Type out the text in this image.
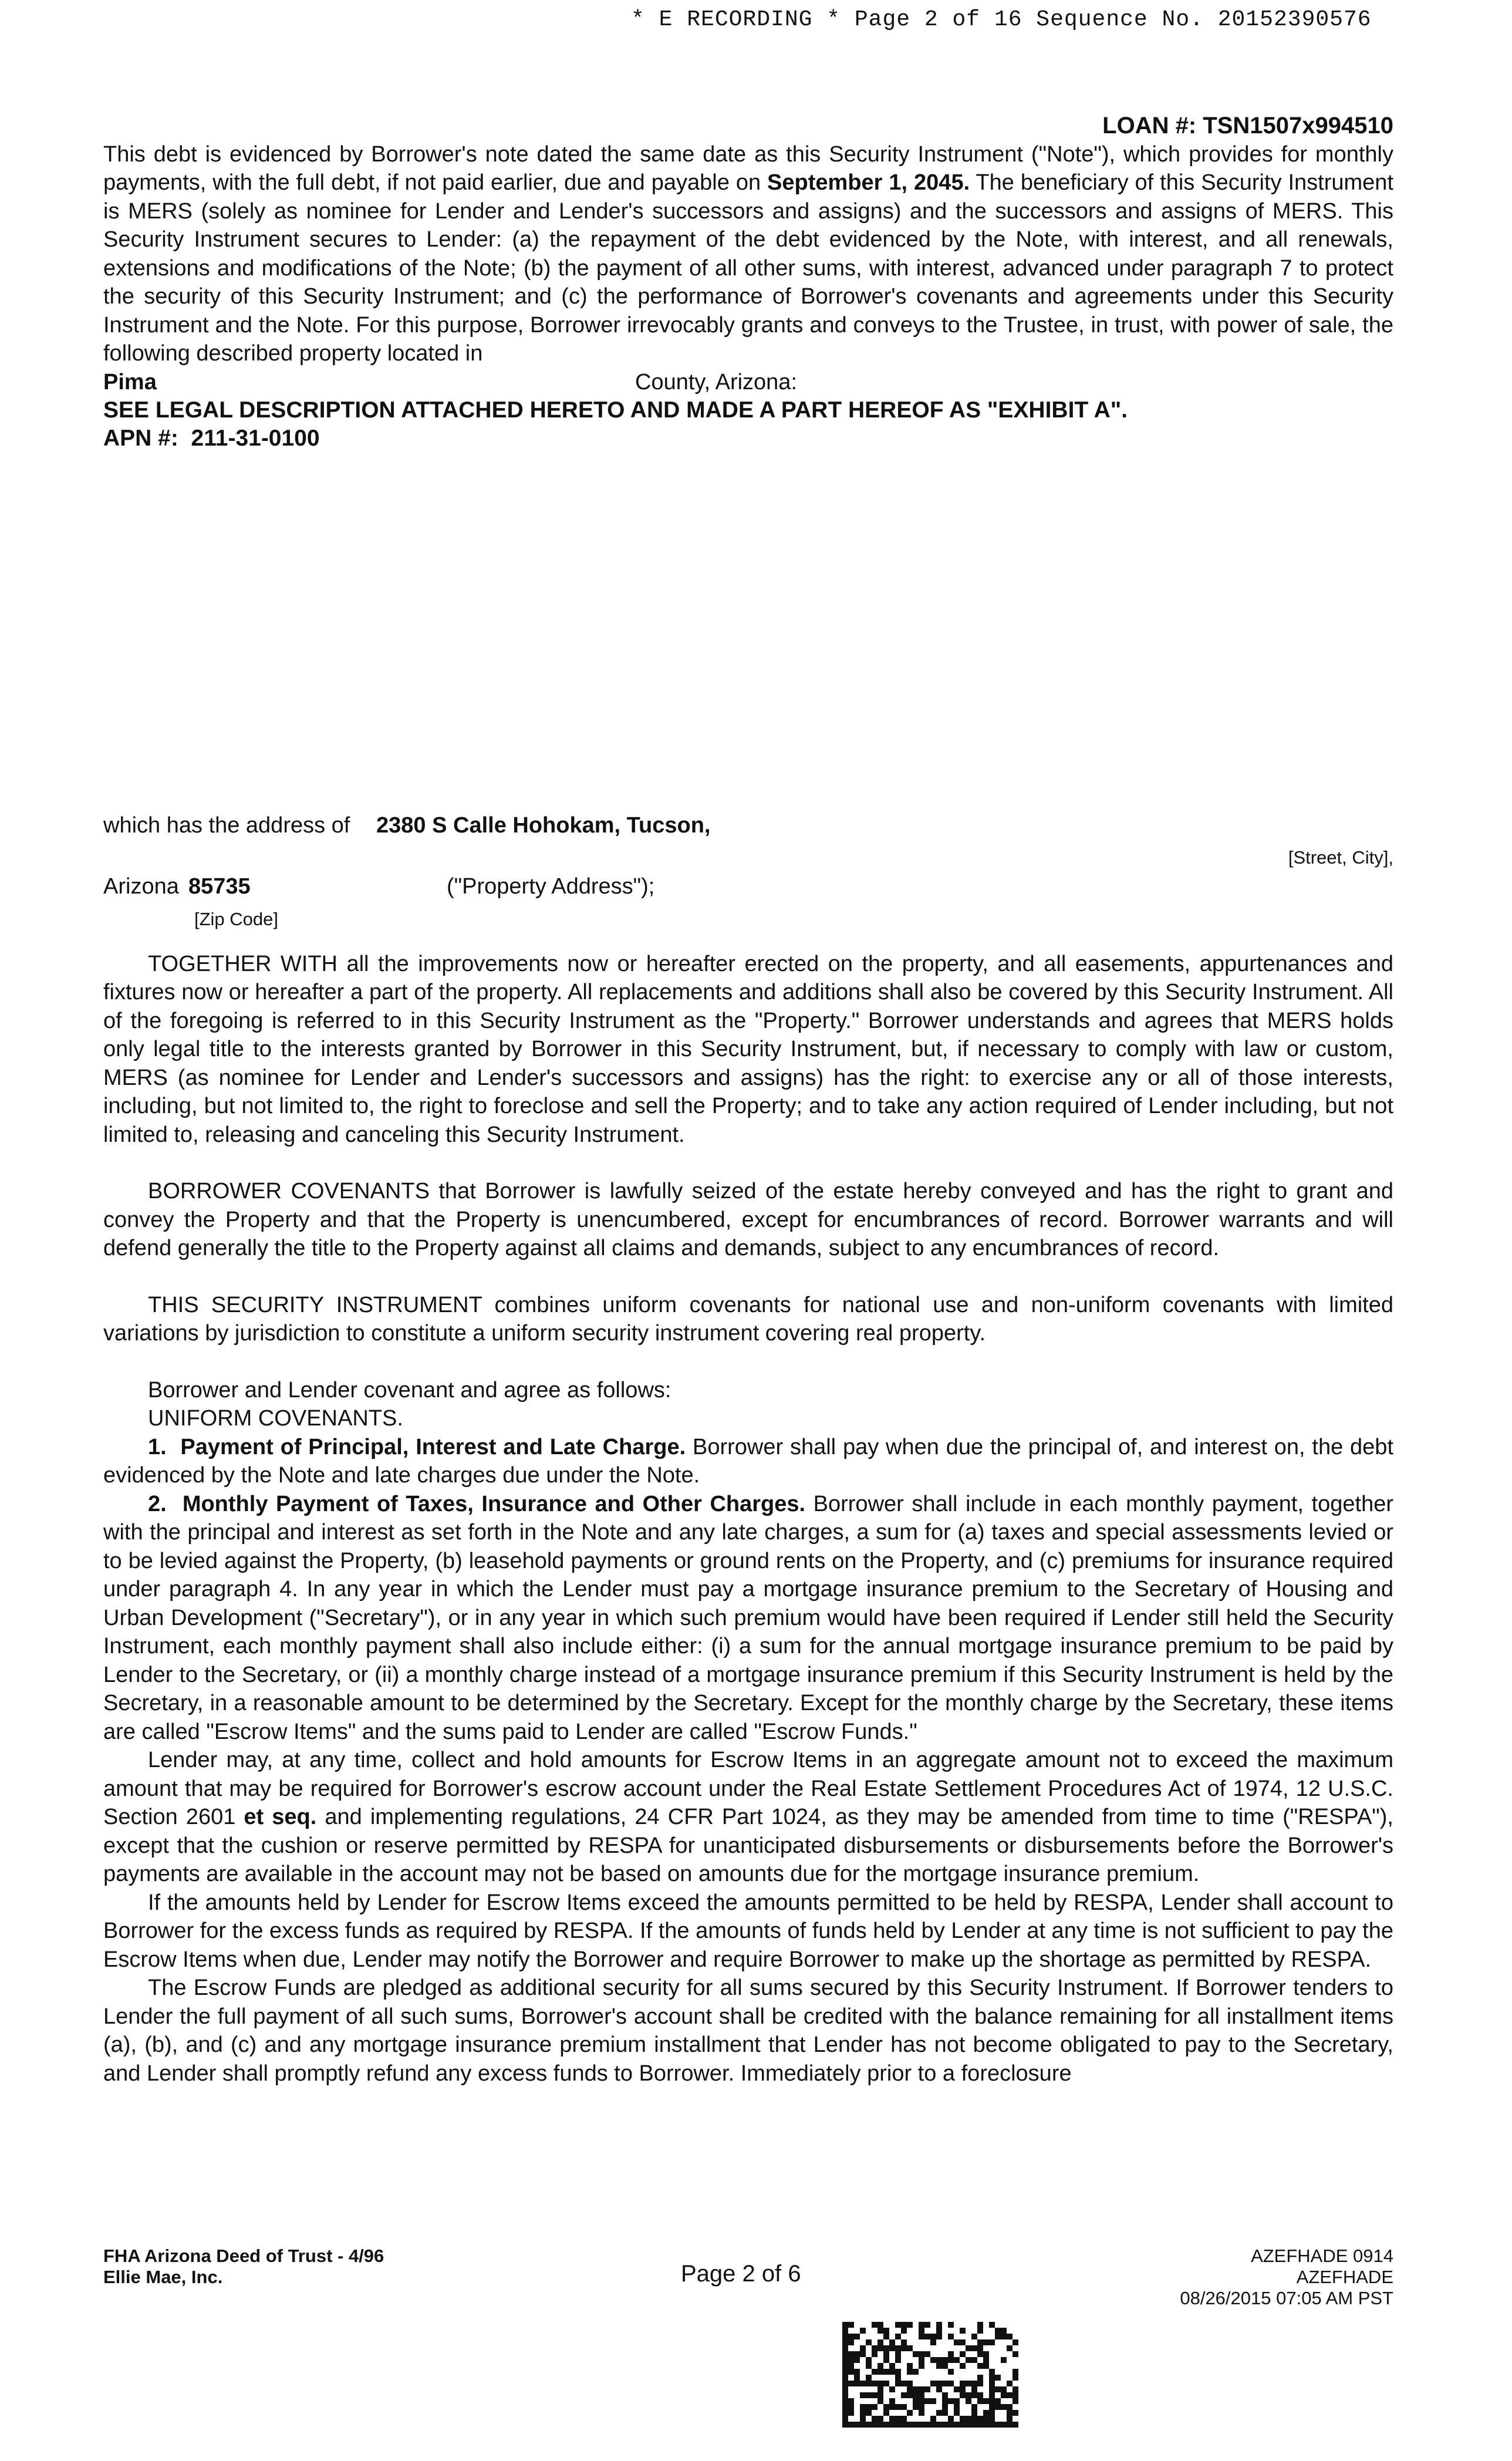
* E RECORDING * Page 2 of 16 Sequence No. 20152390576

LOAN #: TSN1507x994510

This debt is evidenced by Borrower's note dated the same date as this Security Instrument ("Note"), which provides for monthly payments, with the full debt, if not paid earlier, due and payable on September 1, 2045. The beneficiary of this Security Instrument is MERS (solely as nominee for Lender and Lender's successors and assigns) and the successors and assigns of MERS. This Security Instrument secures to Lender: (a) the repayment of the debt evidenced by the Note, with interest, and all renewals, extensions and modifications of the Note; (b) the payment of all other sums, with interest, advanced under paragraph 7 to protect the security of this Security Instrument; and (c) the performance of Borrower's covenants and agreements under this Security Instrument and the Note. For this purpose, Borrower irrevocably grants and conveys to the Trustee, in trust, with power of sale, the following described property located in

Pima	County, Arizona:

SEE LEGAL DESCRIPTION ATTACHED HERETO AND MADE A PART HEREOF AS "EXHIBIT A".

APN #: 211-31-0100

which has the address of 2380 S Calle Hohokam, Tucson,
[Street, City],
Arizona 85735
[Zip Code]
("Property Address");

TOGETHER WITH all the improvements now or hereafter erected on the property, and all easements, appurtenances and fixtures now or hereafter a part of the property. All replacements and additions shall also be covered by this Security Instrument. All of the foregoing is referred to in this Security Instrument as the "Property." Borrower understands and agrees that MERS holds only legal title to the interests granted by Borrower in this Security Instrument, but, if necessary to comply with law or custom, MERS (as nominee for Lender and Lender's successors and assigns) has the right: to exercise any or all of those interests, including, but not limited to, the right to foreclose and sell the Property; and to take any action required of Lender including, but not limited to, releasing and canceling this Security Instrument.

BORROWER COVENANTS that Borrower is lawfully seized of the estate hereby conveyed and has the right to grant and convey the Property and that the Property is unencumbered, except for encumbrances of record. Borrower warrants and will defend generally the title to the Property against all claims and demands, subject to any encumbrances of record.

THIS SECURITY INSTRUMENT combines uniform covenants for national use and non-uniform covenants with limited variations by jurisdiction to constitute a uniform security instrument covering real property.

Borrower and Lender covenant and agree as follows:

UNIFORM COVENANTS.

1. Payment of Principal, Interest and Late Charge. Borrower shall pay when due the principal of, and interest on, the debt evidenced by the Note and late charges due under the Note.

2. Monthly Payment of Taxes, Insurance and Other Charges. Borrower shall include in each monthly payment, together with the principal and interest as set forth in the Note and any late charges, a sum for (a) taxes and special assessments levied or to be levied against the Property, (b) leasehold payments or ground rents on the Property, and (c) premiums for insurance required under paragraph 4. In any year in which the Lender must pay a mortgage insurance premium to the Secretary of Housing and Urban Development ("Secretary"), or in any year in which such premium would have been required if Lender still held the Security Instrument, each monthly payment shall also include either: (i) a sum for the annual mortgage insurance premium to be paid by Lender to the Secretary, or (ii) a monthly charge instead of a mortgage insurance premium if this Security Instrument is held by the Secretary, in a reasonable amount to be determined by the Secretary. Except for the monthly charge by the Secretary, these items are called "Escrow Items" and the sums paid to Lender are called "Escrow Funds."

Lender may, at any time, collect and hold amounts for Escrow Items in an aggregate amount not to exceed the maximum amount that may be required for Borrower's escrow account under the Real Estate Settlement Procedures Act of 1974, 12 U.S.C. Section 2601 et seq. and implementing regulations, 24 CFR Part 1024, as they may be amended from time to time ("RESPA"), except that the cushion or reserve permitted by RESPA for unanticipated disbursements or disbursements before the Borrower's payments are available in the account may not be based on amounts due for the mortgage insurance premium.

If the amounts held by Lender for Escrow Items exceed the amounts permitted to be held by RESPA, Lender shall account to Borrower for the excess funds as required by RESPA. If the amounts of funds held by Lender at any time is not sufficient to pay the Escrow Items when due, Lender may notify the Borrower and require Borrower to make up the shortage as permitted by RESPA.

The Escrow Funds are pledged as additional security for all sums secured by this Security Instrument. If Borrower tenders to Lender the full payment of all such sums, Borrower's account shall be credited with the balance remaining for all installment items (a), (b), and (c) and any mortgage insurance premium installment that Lender has not become obligated to pay to the Secretary, and Lender shall promptly refund any excess funds to Borrower. Immediately prior to a foreclosure

FHA Arizona Deed of Trust - 4/96
Ellie Mae, Inc.	Page 2 of 6
AZEFHADE 0914
AZEFHADE
08/26/2015 07:05 AM PST
